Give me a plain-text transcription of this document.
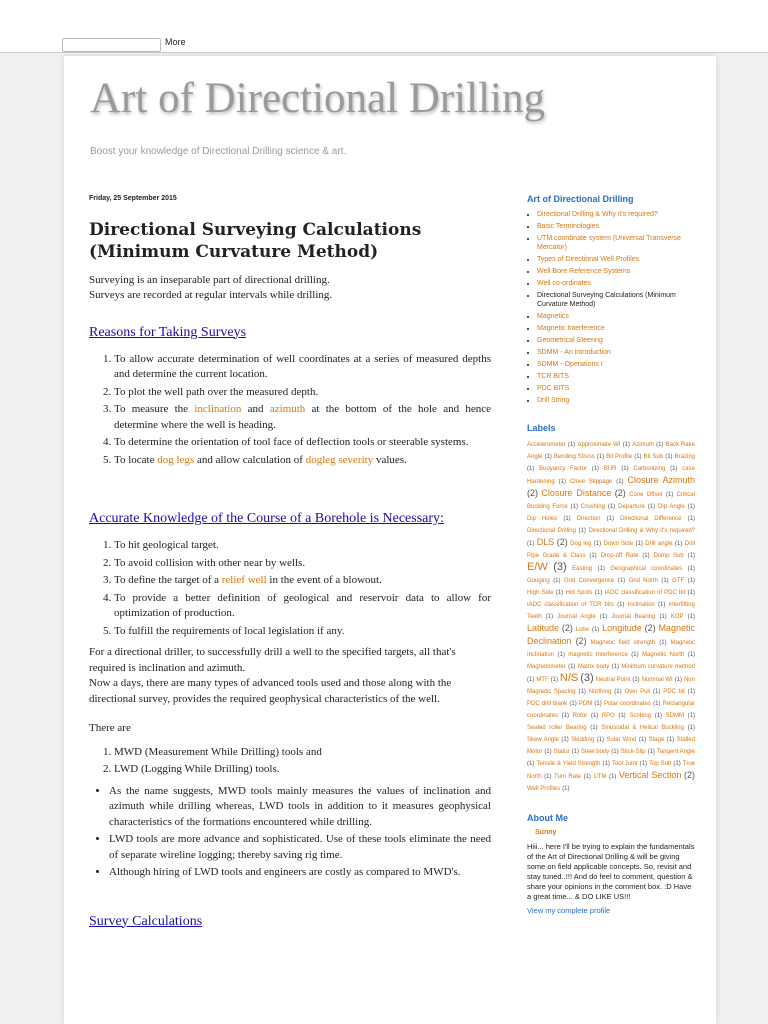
More
Art of Directional Drilling
Boost your knowledge of Directional Drilling science & art.

Friday, 25 September 2015

Directional Surveying Calculations
(Minimum Curvature Method)

Surveying is an inseparable part of directional drilling.

Surveys are recorded at regular intervals while drilling.

Reasons for Taking Surveys
1. To allow accurate determination of well coordinates at a series of measured depths and determine the current location.
2. To plot the well path over the measured depth.
3. To measure the inclination and azimuth at the bottom of the hole and hence determine where the well is heading.
4. To determine the orientation of tool face of deflection tools or steerable systems.
5. To locate dog legs and allow calculation of dogleg severity values.
Accurate Knowledge of the Course of a Borehole is Necessary:
1. To hit geological target.
2. To avoid collision with other near by wells.
3. To define the target of a relief well in the event of a blowout.
4. To provide a better definition of geological and reservoir data to allow for optimization of production.
5. To fulfill the requirements of local legislation if any.

For a directional driller, to successfully drill a well to the specified targets, all that's required is inclination and azimuth.

Now a days, there are many types of advanced tools used and those along with the directional survey, provides the required geophysical characteristics of the well.

There are

1. MWD (Measurement While Drilling) tools and
2. LWD (Logging While Drilling) tools.
• As the name suggests, MWD tools mainly measures the values of inclination and azimuth while drilling whereas, LWD tools in addition to it measures geophysical characteristics of the formations encountered while drilling.
• LWD tools are more advance and sophisticated. Use of these tools eliminate the need of separate wireline logging; thereby saving rig time.
• Although hiring of LWD tools and engineers are costly as compared to MWD's.
Survey Calculations
Art of Directional Drilling
• Directional Drilling & Why it's required?
• Basic Terminologies
• UTM coordinate system (Universal Transverse Mercator)
• Types of Directional Well Profiles
• Well Bore Reference Systems
• Well co-ordinates
• Directional Surveying Calculations (Minimum Curvature Method)
• Magnetics
• Magnetic Interference
• Geometrical Steering
• SDMM - An introduction
• SDMM - Operations I
• TCR BITS
• PDC BITS
• Drill String
Labels
Accelerometer (1) Approximate WI (1) Azimuth (1) Back Rake Angle (1) Bending Stress (1) Bit Profile (1) Bit Sub (1) Brazing (1) Buoyancy Factor (1) BUR (1) Carbonizing (1) case Hardening (1) Clove Slippage (1) Closure Azimuth (2) Closure Distance (2) Cone Offset (1) Critical Buckling Force (1) Crushing (1) Departure (1) Dip Angle (1) Dip Holes (1) Direction (1) Directional Difference (1) Directional Drilling (1) Directional Drilling & Why it's required? (1) DLS (2) Dog leg (1) Down Side (1) Drill angle (1) Drill Pipe Grade & Class (1) Drop-off Rate (1) Dump Sub (1) E/W (3) Easting (1) Geographical coordinates (1) Gouging (1) Grid Convergence (1) Grid North (1) GTF (1) High Side (1) Hot Spots (1) IADC classification of PDC bit (1) IADC classification of TCR bits (1) Inclination (1) Interfitting Teeth (1) Journal Angle (1) Journal Bearing (1) KOP (1) Latitude (2) Lobe (1) Longitude (2) Magnetic Declination (2) Magnetic field strength (1) Magnetic Inclination (1) magnetic Interference (1) Magnetic North (1) Magnetometer (1) Matrix body (1) Minimum curvature method (1) MTF (1) N/S (3) Neutral Point (1) Nominal WI (1) Non Magnetic Spacing (1) Northing (1) Over Pull (1) PDC bit (1) PDC drill blank (1) PDM (1) Polar coordinates (1) Rectangular coordinates (1) Rotor (1) RPG (1) Scribing (1) SDMM (1) Sealed roller Bearing (1) Sinusoidal & Helical Buckling (1) Skew Angle (1) Skidding (1) Solar Wind (1) Stage (1) Stalled Motor (1) Stator (1) Steel body (1) Stick-Slip (1) Tangent Angle (1) Tensile & Yield Strength (1) Tool Joint (1) Top Sub (1) True North (1) Turn Rate (1) UTM (1) Vertical Section (2) Well Profiles (1)
About Me
Sunny
Hiii... here I'll be trying to explain the fundamentals of the Art of Directional Drilling & will be giving some on field applicable concepts. So, revisit and stay tuned..!!! And do feel to comment, question & share your opinions in the comment box. :D Have a great time... & DO LIKE US!!!
View my complete profile
